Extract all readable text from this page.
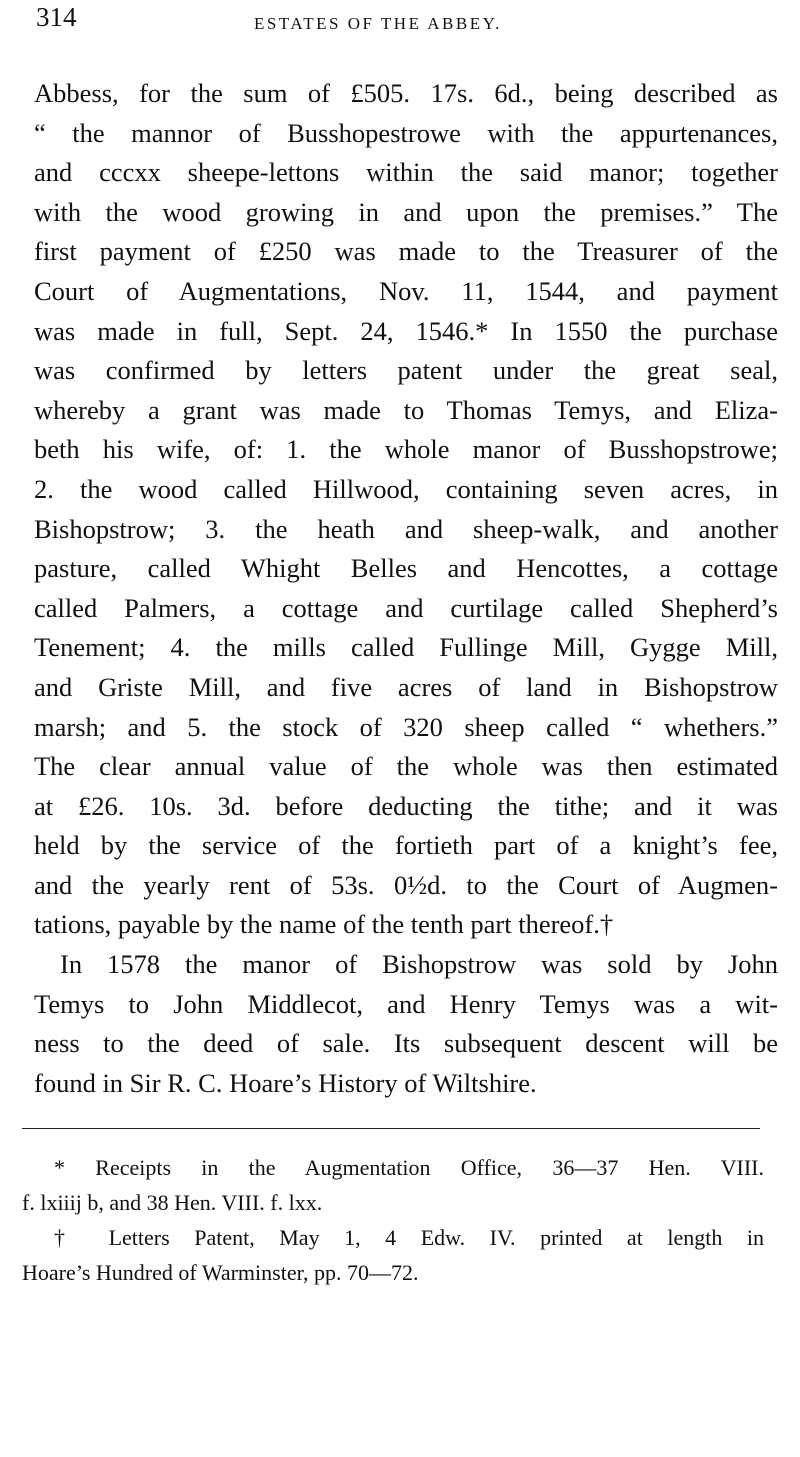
314	ESTATES OF THE ABBEY.
Abbess, for the sum of £505. 17s. 6d., being described as
“ the mannor of Busshopestrowe with the appurtenances,
and cccxx sheepe-lettons within the said manor; together
with the wood growing in and upon the premises.” The
first payment of £250 was made to the Treasurer of the
Court of Augmentations, Nov. 11, 1544, and payment
was made in full, Sept. 24, 1546.* In 1550 the purchase
was confirmed by letters patent under the great seal,
whereby a grant was made to Thomas Temys, and Eliza-
beth his wife, of: 1. the whole manor of Busshopstrowe;
2. the wood called Hillwood, containing seven acres, in
Bishopstrow; 3. the heath and sheep-walk, and another
pasture, called Whight Belles and Hencottes, a cottage
called Palmers, a cottage and curtilage called Shepherd’s
Tenement; 4. the mills called Fullinge Mill, Gygge Mill,
and Griste Mill, and five acres of land in Bishopstrow
marsh; and 5. the stock of 320 sheep called “ whethers.”
The clear annual value of the whole was then estimated
at £26. 10s. 3d. before deducting the tithe; and it was
held by the service of the fortieth part of a knight’s fee,
and the yearly rent of 53s. 0½d. to the Court of Augmen-
tations, payable by the name of the tenth part thereof.†
In 1578 the manor of Bishopstrow was sold by John
Temys to John Middlecot, and Henry Temys was a wit-
ness to the deed of sale. Its subsequent descent will be
found in Sir R. C. Hoare’s History of Wiltshire.
* Receipts in the Augmentation Office, 36—37 Hen. VIII.
f. lxiiij b, and 38 Hen. VIII. f. lxx.
† Letters Patent, May 1, 4 Edw. IV. printed at length in
Hoare’s Hundred of Warminster, pp. 70—72.
